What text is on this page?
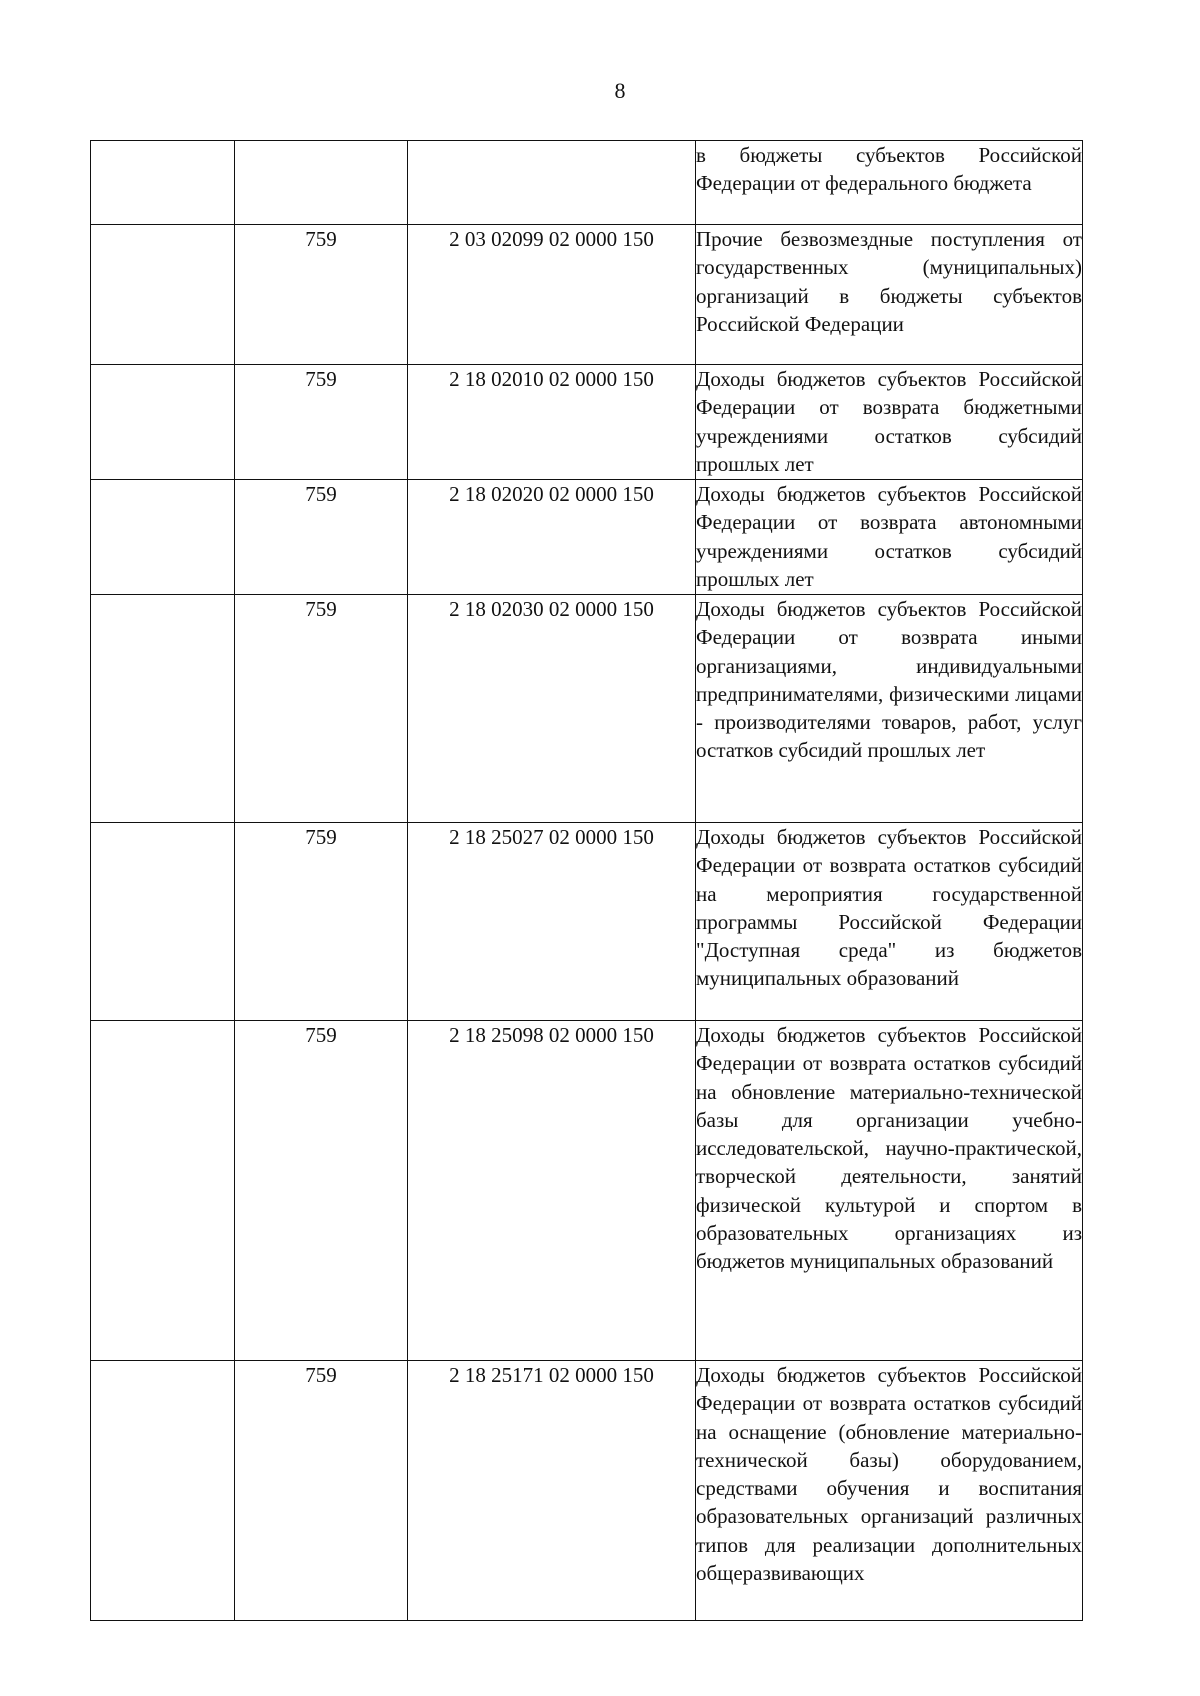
8
			в бюджеты субъектов Российской Федерации от федерального бюджета
	759	2 03 02099 02 0000 150	Прочие безвозмездные поступления от государственных (муниципальных) организаций в бюджеты субъектов Российской Федерации
	759	2 18 02010 02 0000 150	Доходы бюджетов субъектов Российской Федерации от возврата бюджетными учреждениями остатков субсидий прошлых лет
	759	2 18 02020 02 0000 150	Доходы бюджетов субъектов Российской Федерации от возврата автономными учреждениями остатков субсидий прошлых лет
	759	2 18 02030 02 0000 150	Доходы бюджетов субъектов Российской Федерации от возврата иными организациями, индивидуальными предпринимателями, физическими лицами - производителями товаров, работ, услуг остатков субсидий прошлых лет
	759	2 18 25027 02 0000 150	Доходы бюджетов субъектов Российской Федерации от возврата остатков субсидий на мероприятия государственной программы Российской Федерации "Доступная среда" из бюджетов муниципальных образований
	759	2 18 25098 02 0000 150	Доходы бюджетов субъектов Российской Федерации от возврата остатков субсидий на обновление материально-технической базы для организации учебно-исследовательской, научно-практической, творческой деятельности, занятий физической культурой и спортом в образовательных организациях из бюджетов муниципальных образований
	759	2 18 25171 02 0000 150	Доходы бюджетов субъектов Российской Федерации от возврата остатков субсидий на оснащение (обновление материально-технической базы) оборудованием, средствами обучения и воспитания образовательных организаций различных типов для реализации дополнительных общеразвивающих
